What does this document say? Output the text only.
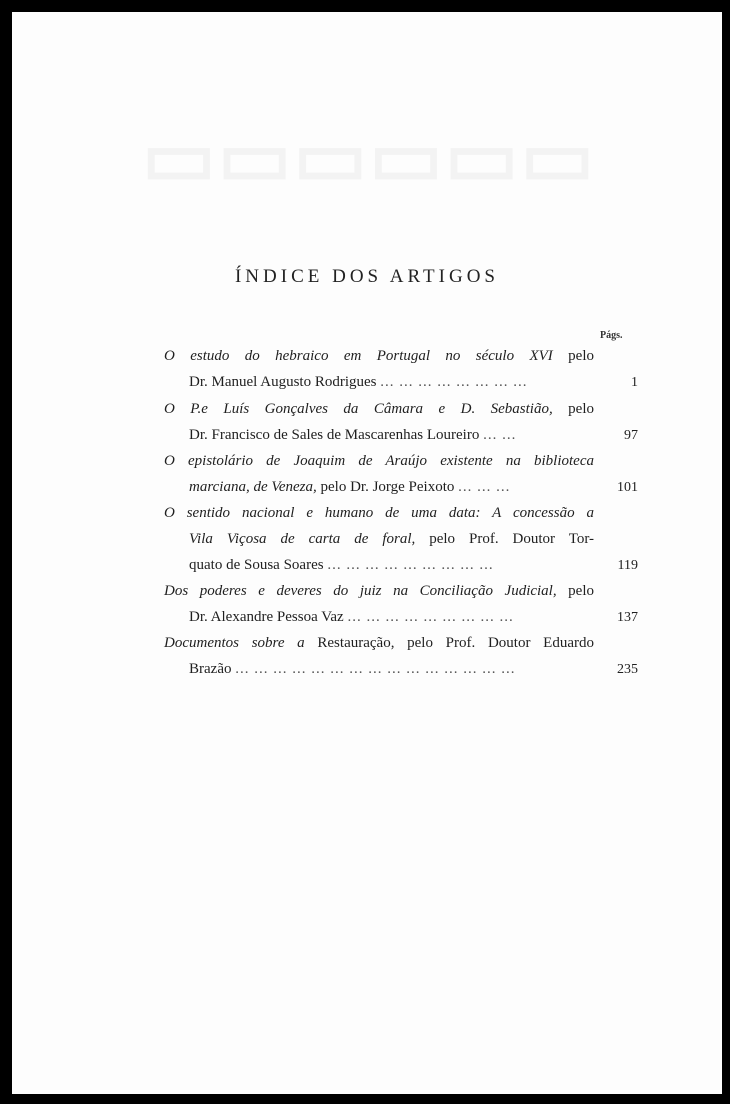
▭▭▭▭▭▭
ÍNDICE DOS ARTIGOS
Págs.
O estudo do hebraico em Portugal no século XVI pelo
Dr. Manuel Augusto Rodrigues ... ... ... ... ... ... ... ...	1
O P.e Luís Gonçalves da Câmara e D. Sebastião, pelo
Dr. Francisco de Sales de Mascarenhas Loureiro ... ...	97
O epistolário de Joaquim de Araújo existente na biblioteca
marciana, de Veneza, pelo Dr. Jorge Peixoto ... ... ...	101
O sentido nacional e humano de uma data: A concessão a
Vila Viçosa de carta de foral, pelo Prof. Doutor Tor-
quato de Sousa Soares ... ... ... ... ... ... ... ... ...	119
Dos poderes e deveres do juiz na Conciliação Judicial, pelo
Dr. Alexandre Pessoa Vaz ... ... ... ... ... ... ... ... ...	137
Documentos sobre a Restauração, pelo Prof. Doutor Eduardo
Brazão ... ... ... ... ... ... ... ... ... ... ... ... ... ... ...	235
